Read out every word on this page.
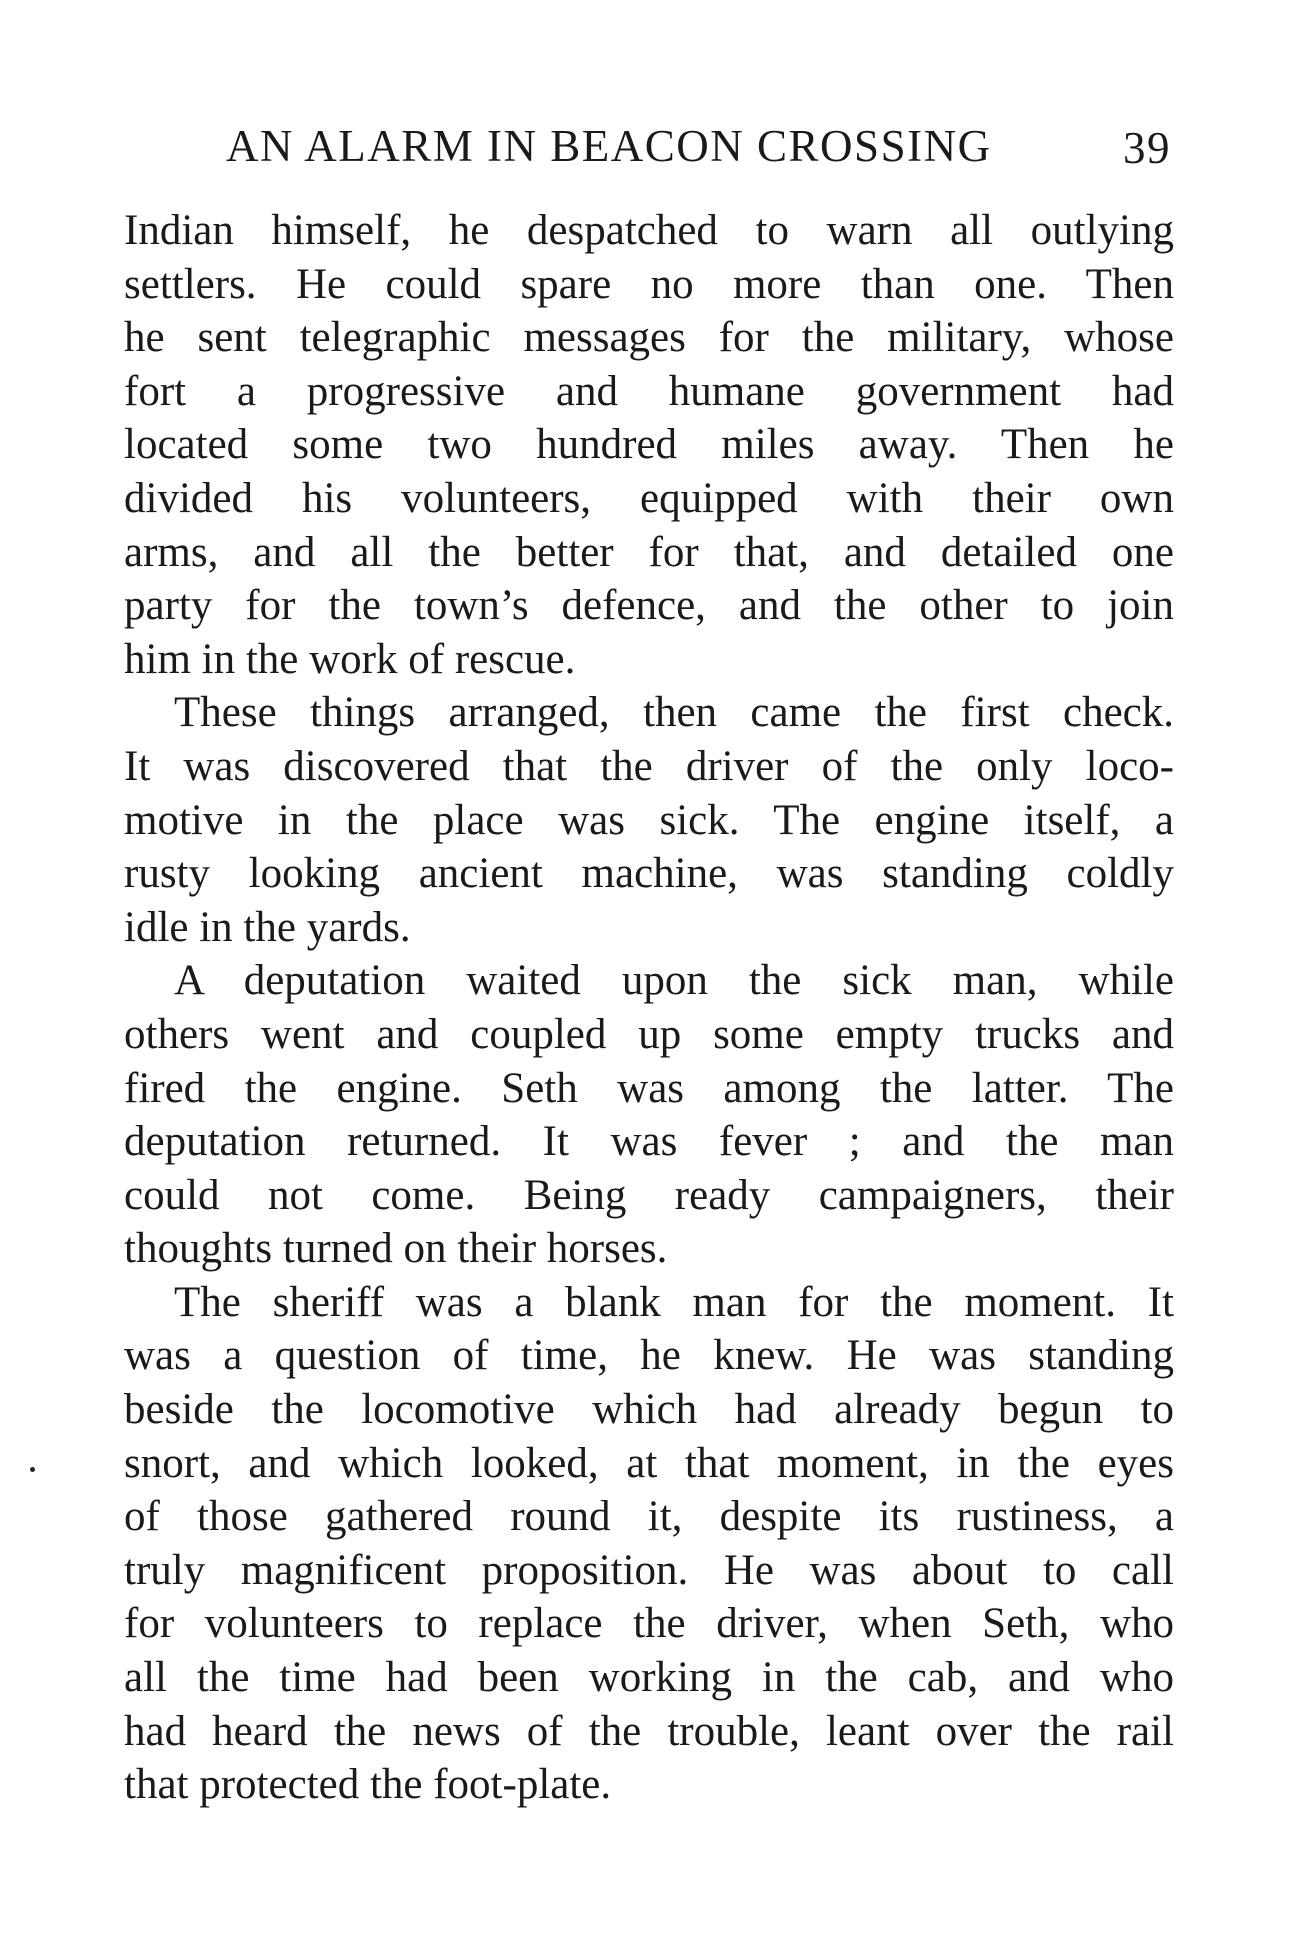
AN ALARM IN BEACON CROSSING	39
Indian himself, he despatched to warn all outlying
settlers. He could spare no more than one. Then
he sent telegraphic messages for the military, whose
fort a progressive and humane government had
located some two hundred miles away. Then he
divided his volunteers, equipped with their own
arms, and all the better for that, and detailed one
party for the town’s defence, and the other to join
him in the work of rescue.
These things arranged, then came the first check.
It was discovered that the driver of the only loco-
motive in the place was sick. The engine itself, a
rusty looking ancient machine, was standing coldly
idle in the yards.
A deputation waited upon the sick man, while
others went and coupled up some empty trucks and
fired the engine. Seth was among the latter. The
deputation returned. It was fever ; and the man
could not come. Being ready campaigners, their
thoughts turned on their horses.
The sheriff was a blank man for the moment. It
was a question of time, he knew. He was standing
beside the locomotive which had already begun to
snort, and which looked, at that moment, in the eyes
of those gathered round it, despite its rustiness, a
truly magnificent proposition. He was about to call
for volunteers to replace the driver, when Seth, who
all the time had been working in the cab, and who
had heard the news of the trouble, leant over the rail
that protected the foot-plate.
